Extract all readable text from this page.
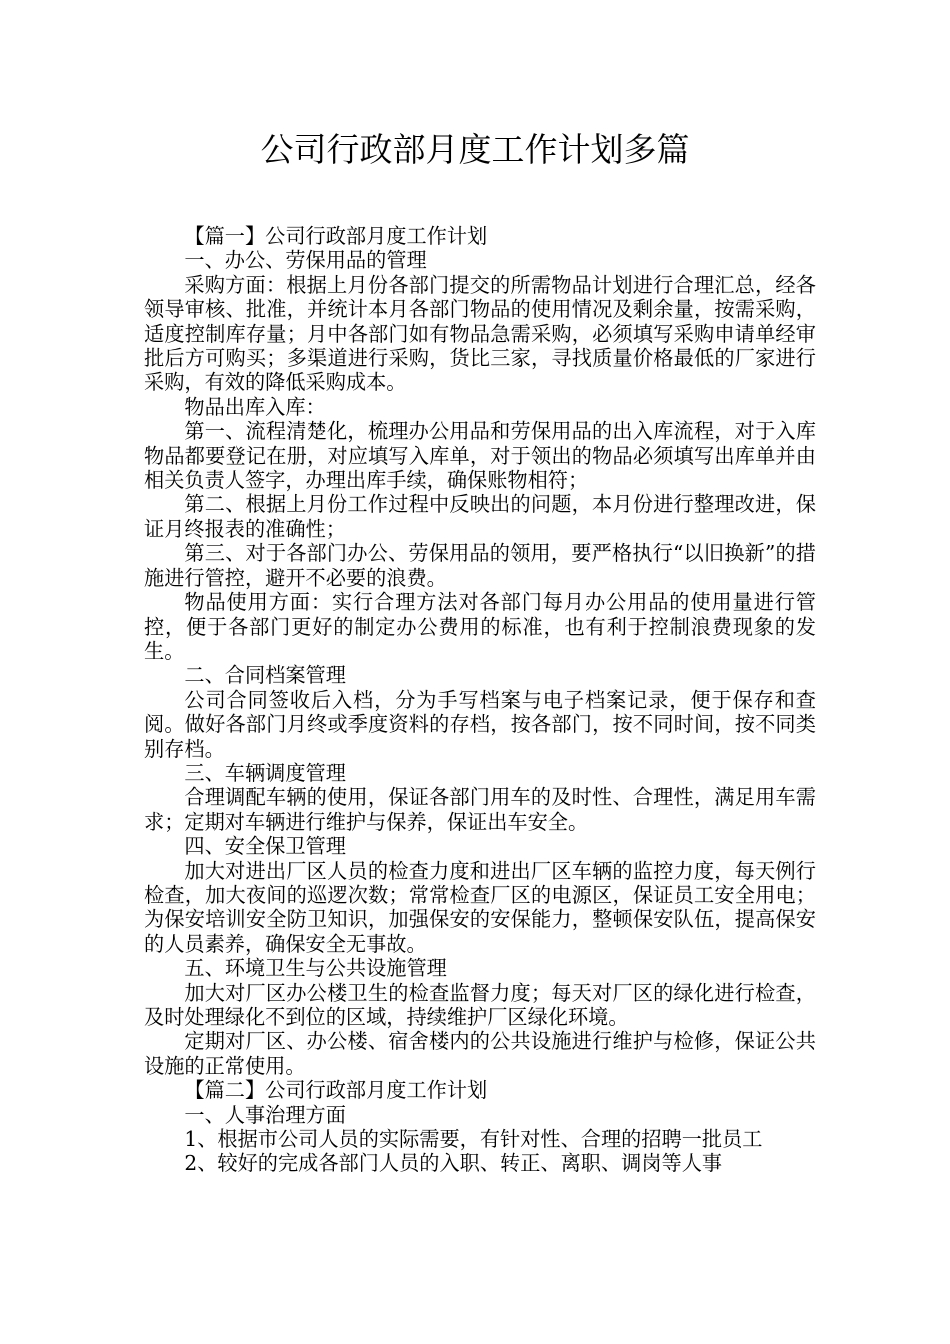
公司行政部月度工作计划多篇

【篇一】公司行政部月度工作计划

一、办公、劳保用品的管理

采购方面：根据上月份各部门提交的所需物品计划进行合理汇总，经各领导审核、批准，并统计本月各部门物品的使用情况及剩余量，按需采购，适度控制库存量；月中各部门如有物品急需采购，必须填写采购申请单经审批后方可购买；多渠道进行采购，货比三家，寻找质量价格最低的厂家进行采购，有效的降低采购成本。

物品出库入库：

第一、流程清楚化，梳理办公用品和劳保用品的出入库流程，对于入库物品都要登记在册，对应填写入库单，对于领出的物品必须填写出库单并由相关负责人签字，办理出库手续，确保账物相符；

第二、根据上月份工作过程中反映出的问题，本月份进行整理改进，保证月终报表的准确性；

第三、对于各部门办公、劳保用品的领用，要严格执行“以旧换新”的措施进行管控，避开不必要的浪费。

物品使用方面：实行合理方法对各部门每月办公用品的使用量进行管控，便于各部门更好的制定办公费用的标准，也有利于控制浪费现象的发生。

二、合同档案管理

公司合同签收后入档，分为手写档案与电子档案记录，便于保存和查阅。做好各部门月终或季度资料的存档，按各部门，按不同时间，按不同类别存档。

三、车辆调度管理

合理调配车辆的使用，保证各部门用车的及时性、合理性，满足用车需求；定期对车辆进行维护与保养，保证出车安全。

四、安全保卫管理

加大对进出厂区人员的检查力度和进出厂区车辆的监控力度，每天例行检查，加大夜间的巡逻次数；常常检查厂区的电源区，保证员工安全用电；为保安培训安全防卫知识，加强保安的安保能力，整顿保安队伍，提高保安的人员素养，确保安全无事故。

五、环境卫生与公共设施管理

加大对厂区办公楼卫生的检查监督力度；每天对厂区的绿化进行检查，及时处理绿化不到位的区域，持续维护厂区绿化环境。

定期对厂区、办公楼、宿舍楼内的公共设施进行维护与检修，保证公共设施的正常使用。

【篇二】公司行政部月度工作计划

一、人事治理方面

1、根据市公司人员的实际需要，有针对性、合理的招聘一批员工

2、较好的完成各部门人员的入职、转正、离职、调岗等人事
